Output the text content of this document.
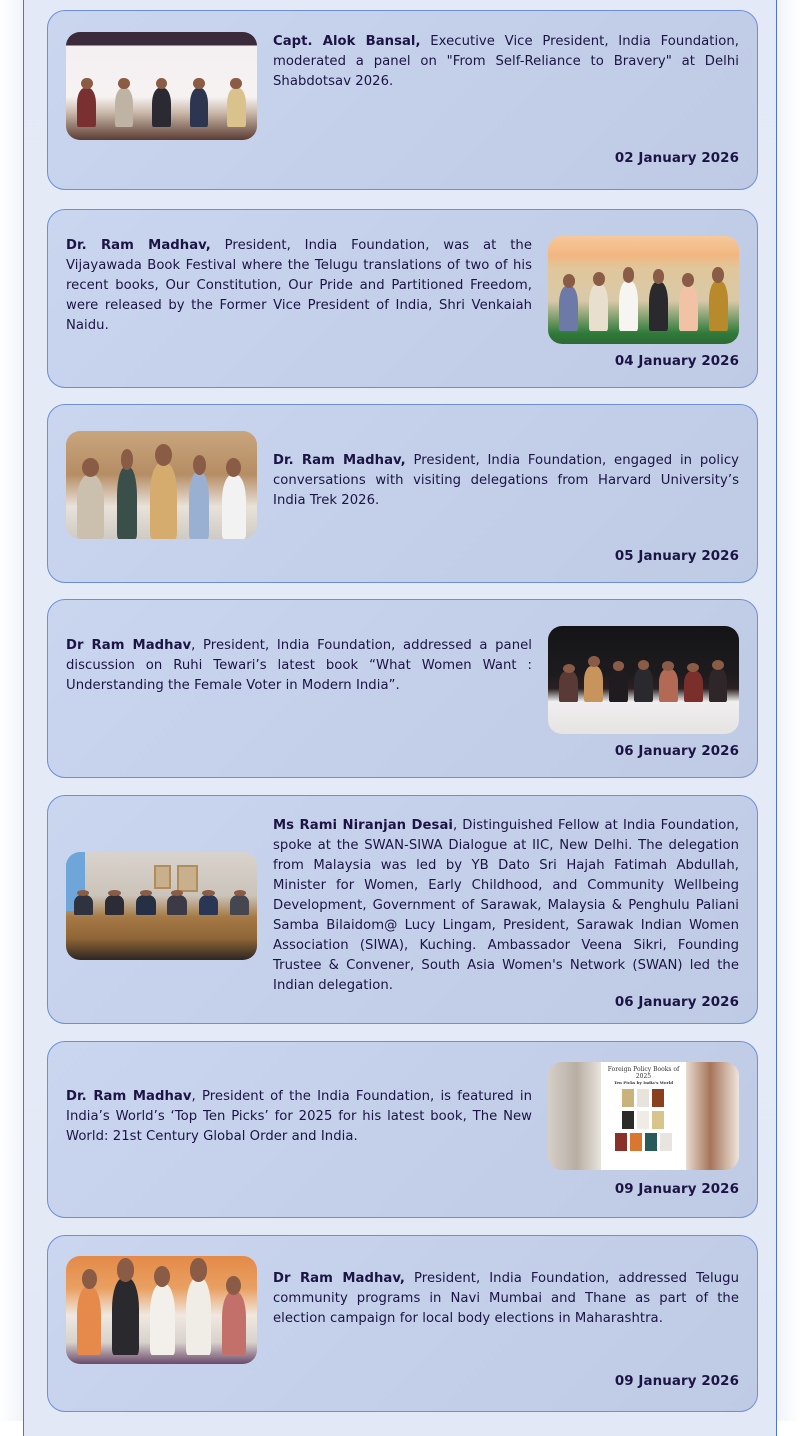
Capt. Alok Bansal, Executive Vice President, India Foundation, moderated a panel on "From Self-Reliance to Bravery" at Delhi Shabdotsav 2026.
02 January 2026
Dr. Ram Madhav, President, India Foundation, was at the Vijayawada Book Festival where the Telugu translations of two of his recent books, Our Constitution, Our Pride and Partitioned Freedom, were released by the Former Vice President of India, Shri Venkaiah Naidu.
04 January 2026
Dr. Ram Madhav, President, India Foundation, engaged in policy conversations with visiting delegations from Harvard University’s India Trek 2026.
05 January 2026
Dr Ram Madhav, President, India Foundation, addressed a panel discussion on Ruhi Tewari’s latest book “What Women Want : Understanding the Female Voter in Modern India”.
06 January 2026
Ms Rami Niranjan Desai, Distinguished Fellow at India Foundation, spoke at the SWAN-SIWA Dialogue at IIC, New Delhi. The delegation from Malaysia was led by YB Dato Sri Hajah Fatimah Abdullah, Minister for Women, Early Childhood, and Community Wellbeing Development, Government of Sarawak, Malaysia & Penghulu Paliani Samba Bilaidom@ Lucy Lingam, President, Sarawak Indian Women Association (SIWA), Kuching. Ambassador Veena Sikri, Founding Trustee & Convener, South Asia Women's Network (SWAN) led the Indian delegation.
06 January 2026
Dr. Ram Madhav, President of the India Foundation, is featured in India’s World’s ‘Top Ten Picks’ for 2025 for his latest book, The New World: 21st Century Global Order and India.
Foreign Policy Books of 2025
Ten Picks by India's World
09 January 2026
Dr Ram Madhav, President, India Foundation, addressed Telugu community programs in Navi Mumbai and Thane as part of the election campaign for local body elections in Maharashtra.
09 January 2026
